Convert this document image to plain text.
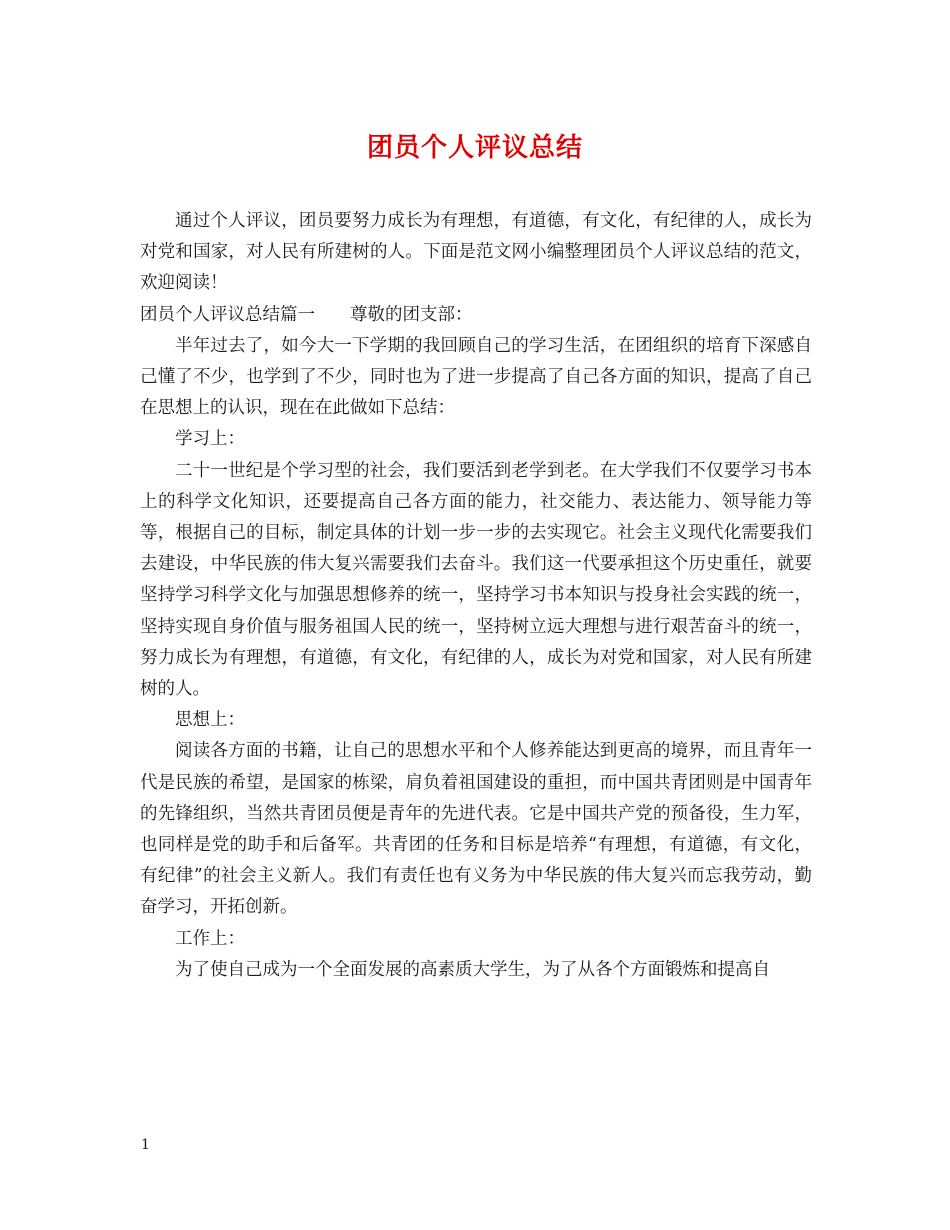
团员个人评议总结

通过个人评议，团员要努力成长为有理想，有道德，有文化，有纪律的人，成长为对党和国家，对人民有所建树的人。下面是范文网小编整理团员个人评议总结的范文，欢迎阅读！

团员个人评议总结篇一　　尊敬的团支部：

半年过去了，如今大一下学期的我回顾自己的学习生活，在团组织的培育下深感自己懂了不少，也学到了不少，同时也为了进一步提高了自己各方面的知识，提高了自己在思想上的认识，现在在此做如下总结：

学习上：

二十一世纪是个学习型的社会，我们要活到老学到老。在大学我们不仅要学习书本上的科学文化知识，还要提高自己各方面的能力，社交能力、表达能力、领导能力等等，根据自己的目标，制定具体的计划一步一步的去实现它。社会主义现代化需要我们去建设，中华民族的伟大复兴需要我们去奋斗。我们这一代要承担这个历史重任，就要坚持学习科学文化与加强思想修养的统一，坚持学习书本知识与投身社会实践的统一，坚持实现自身价值与服务祖国人民的统一，坚持树立远大理想与进行艰苦奋斗的统一，努力成长为有理想，有道德，有文化，有纪律的人，成长为对党和国家，对人民有所建树的人。

思想上：

阅读各方面的书籍，让自己的思想水平和个人修养能达到更高的境界，而且青年一代是民族的希望，是国家的栋梁，肩负着祖国建设的重担，而中国共青团则是中国青年的先锋组织，当然共青团员便是青年的先进代表。它是中国共产党的预备役，生力军，也同样是党的助手和后备军。共青团的任务和目标是培养“有理想，有道德，有文化，有纪律”的社会主义新人。我们有责任也有义务为中华民族的伟大复兴而忘我劳动，勤奋学习，开拓创新。

工作上：

为了使自己成为一个全面发展的高素质大学生，为了从各个方面锻炼和提高自

1
